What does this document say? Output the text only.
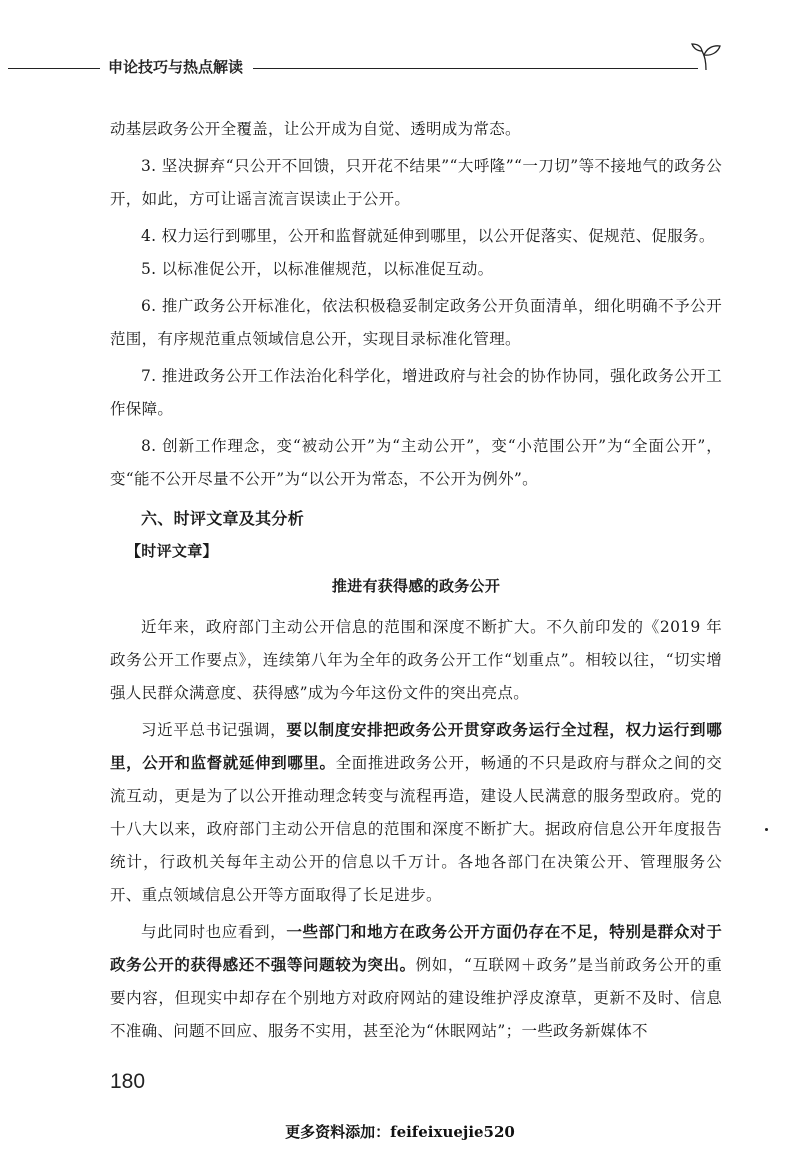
申论技巧与热点解读

动基层政务公开全覆盖，让公开成为自觉、透明成为常态。

3. 坚决摒弃“只公开不回馈，只开花不结果”“大呼隆”“一刀切”等不接地气的政务公开，如此，方可让谣言流言误读止于公开。

4. 权力运行到哪里，公开和监督就延伸到哪里，以公开促落实、促规范、促服务。

5. 以标准促公开，以标准催规范，以标准促互动。

6. 推广政务公开标准化，依法积极稳妥制定政务公开负面清单，细化明确不予公开范围，有序规范重点领域信息公开，实现目录标准化管理。

7. 推进政务公开工作法治化科学化，增进政府与社会的协作协同，强化政务公开工作保障。

8. 创新工作理念，变“被动公开”为“主动公开”，变“小范围公开”为“全面公开”，变“能不公开尽量不公开”为“以公开为常态，不公开为例外”。

六、时评文章及其分析

【时评文章】

推进有获得感的政务公开

近年来，政府部门主动公开信息的范围和深度不断扩大。不久前印发的《2019 年政务公开工作要点》，连续第八年为全年的政务公开工作“划重点”。相较以往，“切实增强人民群众满意度、获得感”成为今年这份文件的突出亮点。

习近平总书记强调，要以制度安排把政务公开贯穿政务运行全过程，权力运行到哪里，公开和监督就延伸到哪里。全面推进政务公开，畅通的不只是政府与群众之间的交流互动，更是为了以公开推动理念转变与流程再造，建设人民满意的服务型政府。党的十八大以来，政府部门主动公开信息的范围和深度不断扩大。据政府信息公开年度报告统计，行政机关每年主动公开的信息以千万计。各地各部门在决策公开、管理服务公开、重点领域信息公开等方面取得了长足进步。

与此同时也应看到，一些部门和地方在政务公开方面仍存在不足，特别是群众对于政务公开的获得感还不强等问题较为突出。例如，“互联网＋政务”是当前政务公开的重要内容，但现实中却存在个别地方对政府网站的建设维护浮皮潦草，更新不及时、信息不准确、问题不回应、服务不实用，甚至沦为“休眠网站”；一些政务新媒体不

180
更多资料添加：feifeixuejie520
